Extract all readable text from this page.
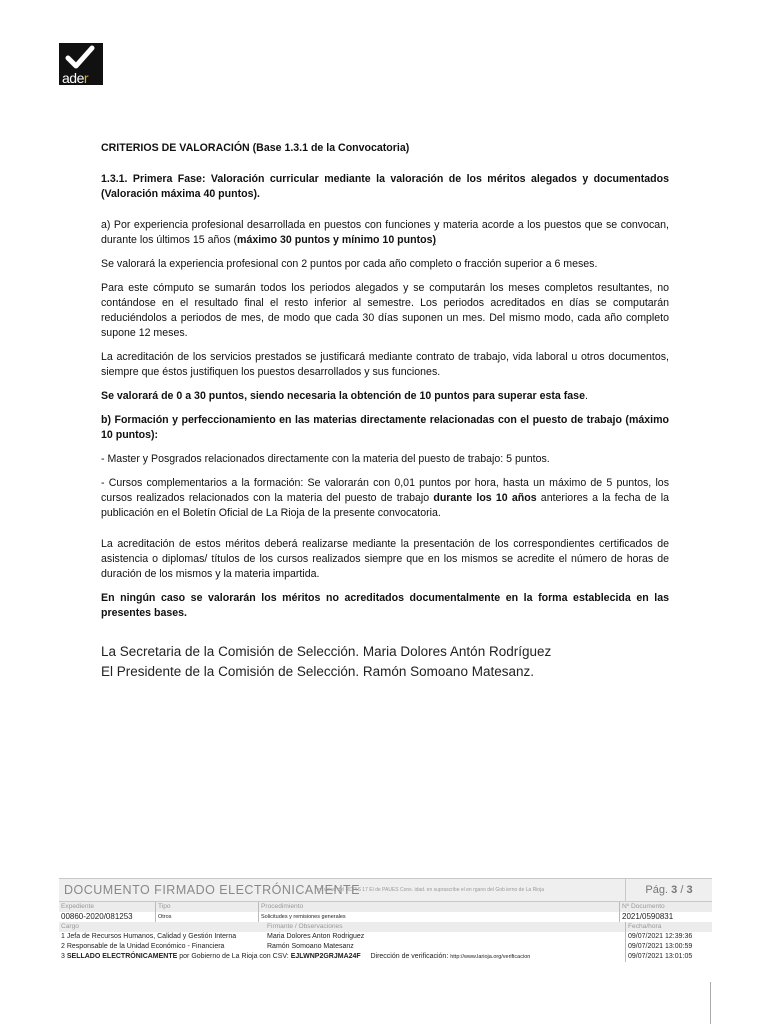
ader

CRITERIOS DE VALORACIÓN (Base 1.3.1 de la Convocatoria)

1.3.1. Primera Fase: Valoración curricular mediante la valoración de los méritos alegados y documentados (Valoración máxima 40 puntos).

a) Por experiencia profesional desarrollada en puestos con funciones y materia acorde a los puestos que se convocan, durante los últimos 15 años (máximo 30 puntos y mínimo 10 puntos)

Se valorará la experiencia profesional con 2 puntos por cada año completo o fracción superior a 6 meses.

Para este cómputo se sumarán todos los periodos alegados y se computarán los meses completos resultantes, no contándose en el resultado final el resto inferior al semestre. Los periodos acreditados en días se computarán reduciéndolos a periodos de mes, de modo que cada 30 días suponen un mes. Del mismo modo, cada año completo supone 12 meses.

La acreditación de los servicios prestados se justificará mediante contrato de trabajo, vida laboral u otros documentos, siempre que éstos justifiquen los puestos desarrollados y sus funciones.

Se valorará de 0 a 30 puntos, siendo necesaria la obtención de 10 puntos para superar esta fase.

b) Formación y perfeccionamiento en las materias directamente relacionadas con el puesto de trabajo (máximo 10 puntos):

- Master y Posgrados relacionados directamente con la materia del puesto de trabajo: 5 puntos.

- Cursos complementarios a la formación: Se valorarán con 0,01 puntos por hora, hasta un máximo de 5 puntos, los cursos realizados relacionados con la materia del puesto de trabajo durante los 10 años anteriores a la fecha de la publicación en el Boletín Oficial de La Rioja de la presente convocatoria.

La acreditación de estos méritos deberá realizarse mediante la presentación de los correspondientes certificados de asistencia o diplomas/ títulos de los cursos realizados siempre que en los mismos se acredite el número de horas de duración de los mismos y la materia impartida.

En ningún caso se valorarán los méritos no acreditados documentalmente en la forma establecida en las presentes bases.

La Secretaria de la Comisión de Selección. Maria Dolores Antón Rodríguez
El Presidente de la Comisión de Selección. Ramón Somoano Matesanz.
DOCUMENTO FIRMADO ELECTRÓNICAMENTE
en virtud del RDPIS 17 El de PAUES Cons. idad. en suprascribe el en rgano del Gob ierno de La Rioja	Pág. 3 / 3
Expediente	Tipo	Procedimiento	Nº Documento
00860-2020/081253	Otros	Solicitudes y remisiones generales	2021/0590831
Cargo	Firmante / Observaciones	Fecha/hora
1 Jefa de Recursos Humanos, Calidad y Gestión Interna	Maria Dolores Anton Rodriguez	09/07/2021 12:39:36
2 Responsable de la Unidad Económico - Financiera	Ramón Somoano Matesanz	09/07/2021 13:00:59
3 SELLADO ELECTRÓNICAMENTE por Gobierno de La Rioja con CSV: EJLWNP2GRJMA24F Dirección de verificación: http://www.larioja.org/verificacion		09/07/2021 13:01:05
